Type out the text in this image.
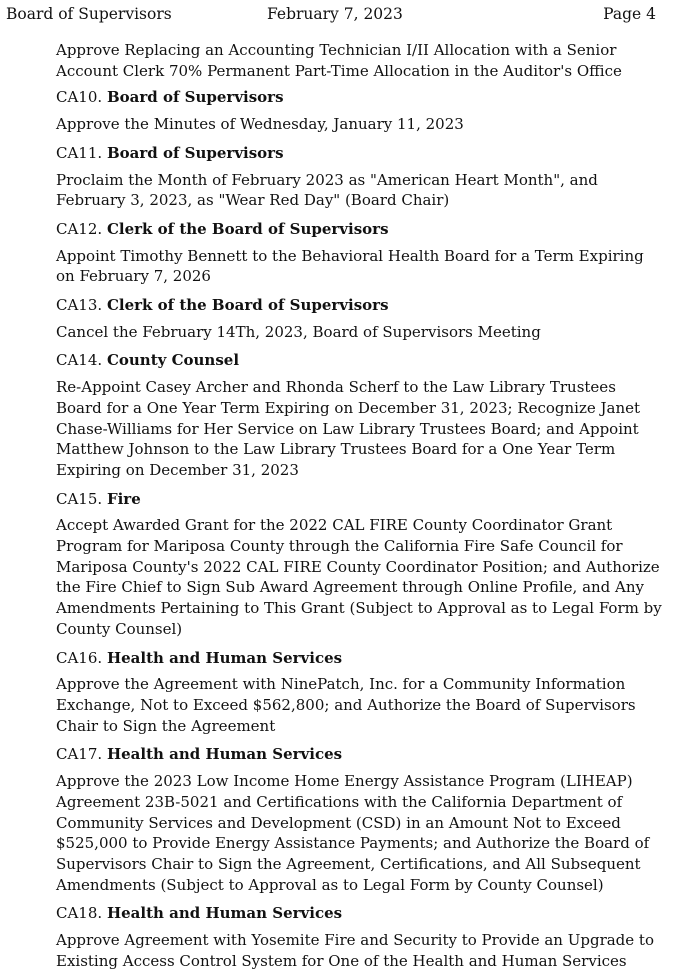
Board of Supervisors	February 7, 2023	Page 4

Approve Replacing an Accounting Technician I/II Allocation with a Senior Account Clerk 70% Permanent Part-Time Allocation in the Auditor's Office

CA10. Board of Supervisors
Approve the Minutes of Wednesday, January 11, 2023
CA11. Board of Supervisors
Proclaim the Month of February 2023 as "American Heart Month", and February 3, 2023, as "Wear Red Day" (Board Chair)
CA12. Clerk of the Board of Supervisors
Appoint Timothy Bennett to the Behavioral Health Board for a Term Expiring on February 7, 2026
CA13. Clerk of the Board of Supervisors
Cancel the February 14Th, 2023, Board of Supervisors Meeting
CA14. County Counsel
Re-Appoint Casey Archer and Rhonda Scherf to the Law Library Trustees Board for a One Year Term Expiring on December 31, 2023; Recognize Janet Chase-Williams for Her Service on Law Library Trustees Board; and Appoint Matthew Johnson to the Law Library Trustees Board for a One Year Term Expiring on December 31, 2023
CA15. Fire
Accept Awarded Grant for the 2022 CAL FIRE County Coordinator Grant Program for Mariposa County through the California Fire Safe Council for Mariposa County's 2022 CAL FIRE County Coordinator Position; and Authorize the Fire Chief to Sign Sub Award Agreement through Online Profile, and Any Amendments Pertaining to This Grant (Subject to Approval as to Legal Form by County Counsel)
CA16. Health and Human Services
Approve the Agreement with NinePatch, Inc. for a Community Information Exchange, Not to Exceed $562,800; and Authorize the Board of Supervisors Chair to Sign the Agreement
CA17. Health and Human Services
Approve the 2023 Low Income Home Energy Assistance Program (LIHEAP) Agreement 23B-5021 and Certifications with the California Department of Community Services and Development (CSD) in an Amount Not to Exceed $525,000 to Provide Energy Assistance Payments; and Authorize the Board of Supervisors Chair to Sign the Agreement, Certifications, and All Subsequent Amendments (Subject to Approval as to Legal Form by County Counsel)
CA18. Health and Human Services
Approve Agreement with Yosemite Fire and Security to Provide an Upgrade to Existing Access Control System for One of the Health and Human Services
